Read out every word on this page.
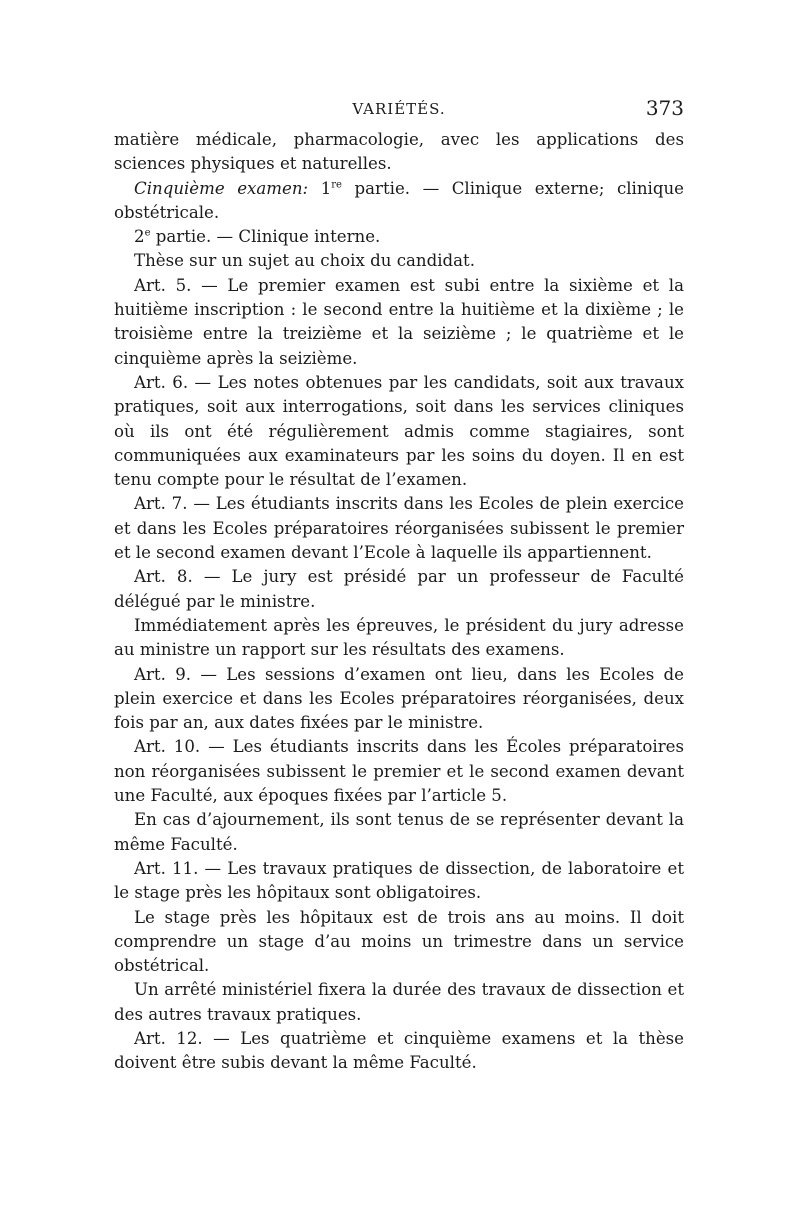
VARIÉTÉS.	373

matière médicale, pharmacologie, avec les applications des sciences physiques et naturelles.

Cinquième examen: 1re partie. — Clinique externe; clinique obstétricale.

2e partie. — Clinique interne.

Thèse sur un sujet au choix du candidat.

Art. 5. — Le premier examen est subi entre la sixième et la huitième inscription : le second entre la huitième et la dixième ; le troisième entre la treizième et la seizième ; le quatrième et le cinquième après la seizième.

Art. 6. — Les notes obtenues par les candidats, soit aux travaux pratiques, soit aux interrogations, soit dans les services cliniques où ils ont été régulièrement admis comme stagiaires, sont communiquées aux examinateurs par les soins du doyen. Il en est tenu compte pour le résultat de l’examen.

Art. 7. — Les étudiants inscrits dans les Ecoles de plein exercice et dans les Ecoles préparatoires réorganisées subissent le premier et le second examen devant l’Ecole à laquelle ils appartiennent.

Art. 8. — Le jury est présidé par un professeur de Faculté délégué par le ministre.

Immédiatement après les épreuves, le président du jury adresse au ministre un rapport sur les résultats des examens.

Art. 9. — Les sessions d’examen ont lieu, dans les Ecoles de plein exercice et dans les Ecoles préparatoires réorganisées, deux fois par an, aux dates fixées par le ministre.

Art. 10. — Les étudiants inscrits dans les Écoles préparatoires non réorganisées subissent le premier et le second examen devant une Faculté, aux époques fixées par l’article 5.

En cas d’ajournement, ils sont tenus de se représenter devant la même Faculté.

Art. 11. — Les travaux pratiques de dissection, de laboratoire et le stage près les hôpitaux sont obligatoires.

Le stage près les hôpitaux est de trois ans au moins. Il doit comprendre un stage d’au moins un trimestre dans un service obstétrical.

Un arrêté ministériel fixera la durée des travaux de dissection et des autres travaux pratiques.

Art. 12. — Les quatrième et cinquième examens et la thèse doivent être subis devant la même Faculté.
